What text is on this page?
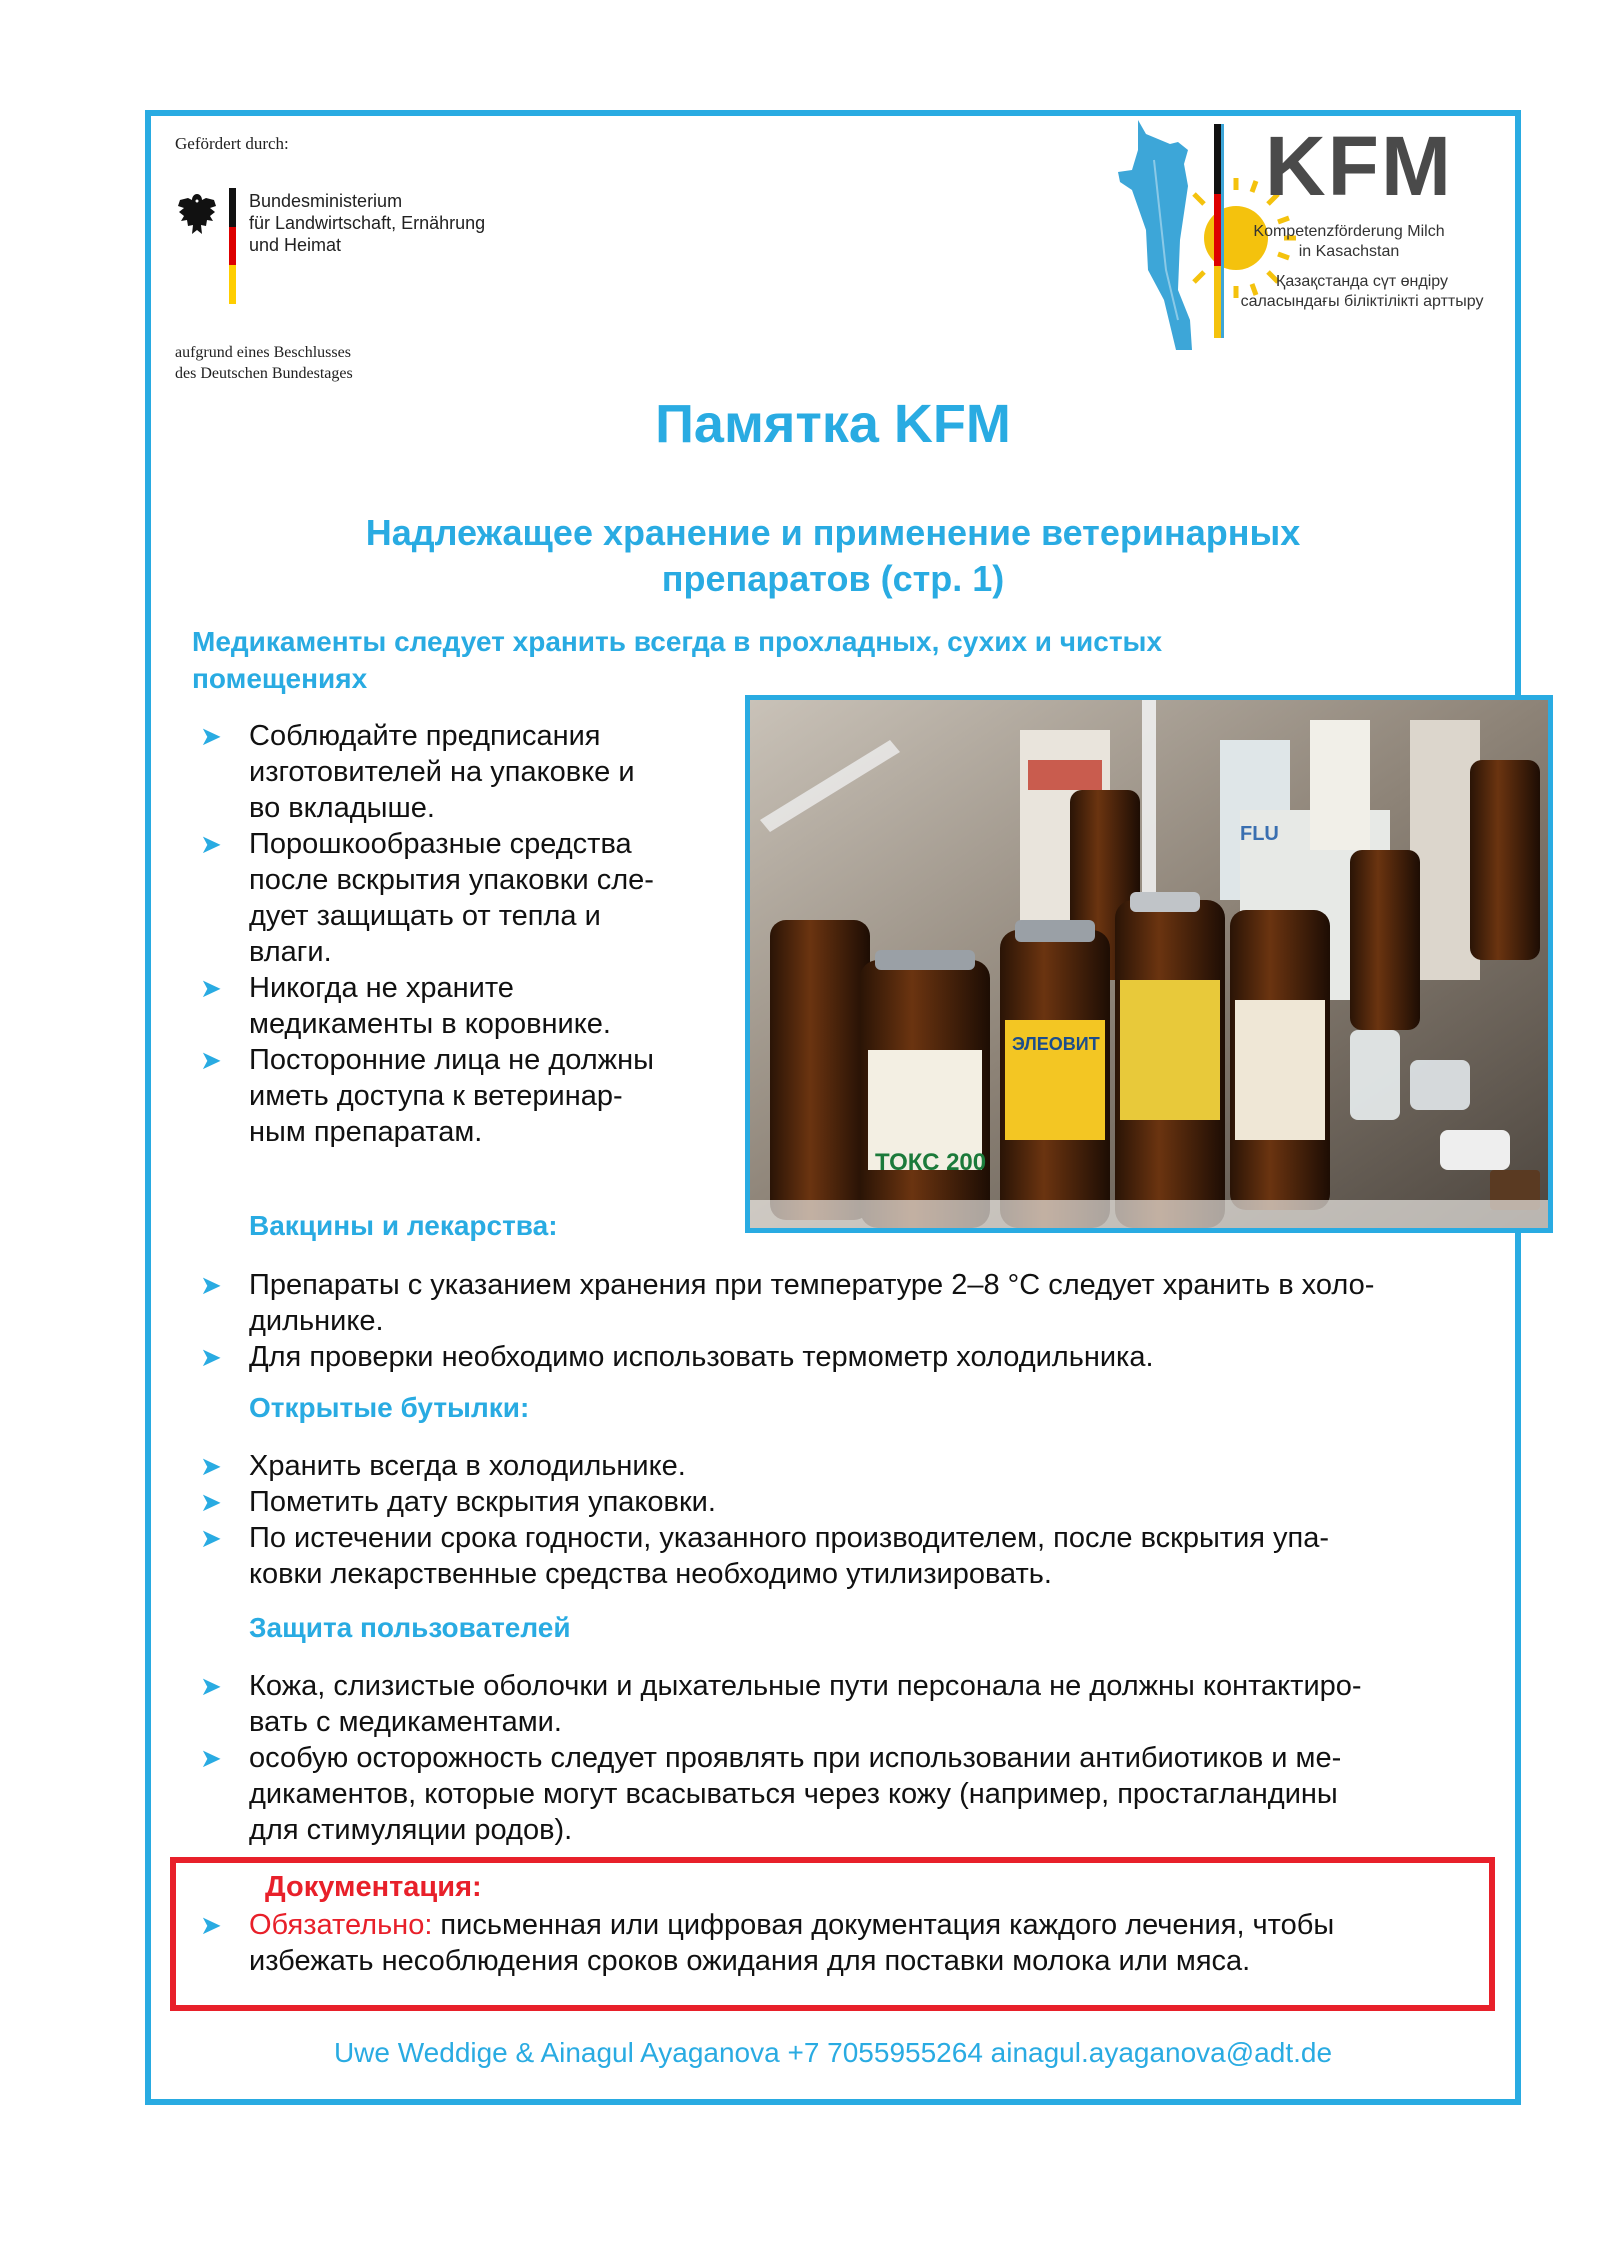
Gefördert durch:
Bundesministerium
für Landwirtschaft, Ernährung
und Heimat
aufgrund eines Beschlusses
des Deutschen Bundestages
KFM
Kompetenzförderung Milch
in Kasachstan
Қазақстанда сүт өндіру
саласындағы біліктілікті арттыру
Памятка KFM
Надлежащее хранение и применение ветеринарных
препаратов (стр. 1)
Медикаменты следует хранить всегда в прохладных, сухих и чистых
помещениях
➤ Соблюдайте предписания
изготовителей на упаковке и
во вкладыше.
➤ Порошкообразные средства
после вскрытия упаковки сле-
дует защищать от тепла и
влаги.
➤ Никогда не храните
медикаменты в коровнике.
➤ Посторонние лица не должны
иметь доступа к ветеринар-
ным препаратам.
ТОКС 200
ЭЛЕОВИТ
FLU
Вакцины и лекарства:
➤ Препараты с указанием хранения при температуре 2–8 °C следует хранить в холо-
дильнике.
➤ Для проверки необходимо использовать термометр холодильника.
Открытые бутылки:
➤ Хранить всегда в холодильнике.
➤ Пометить дату вскрытия упаковки.
➤ По истечении срока годности, указанного производителем, после вскрытия упа-
ковки лекарственные средства необходимо утилизировать.
Защита пользователей
➤ Кожа, слизистые оболочки и дыхательные пути персонала не должны контактиро-
вать с медикаментами.
➤ особую осторожность следует проявлять при использовании антибиотиков и ме-
дикаментов, которые могут всасываться через кожу (например, простагландины
для стимуляции родов).
Документация:
➤ Обязательно: письменная или цифровая документация каждого лечения, чтобы
избежать несоблюдения сроков ожидания для поставки молока или мяса.
Uwe Weddige & Ainagul Ayaganova +7 7055955264 ainagul.ayaganova@adt.de
